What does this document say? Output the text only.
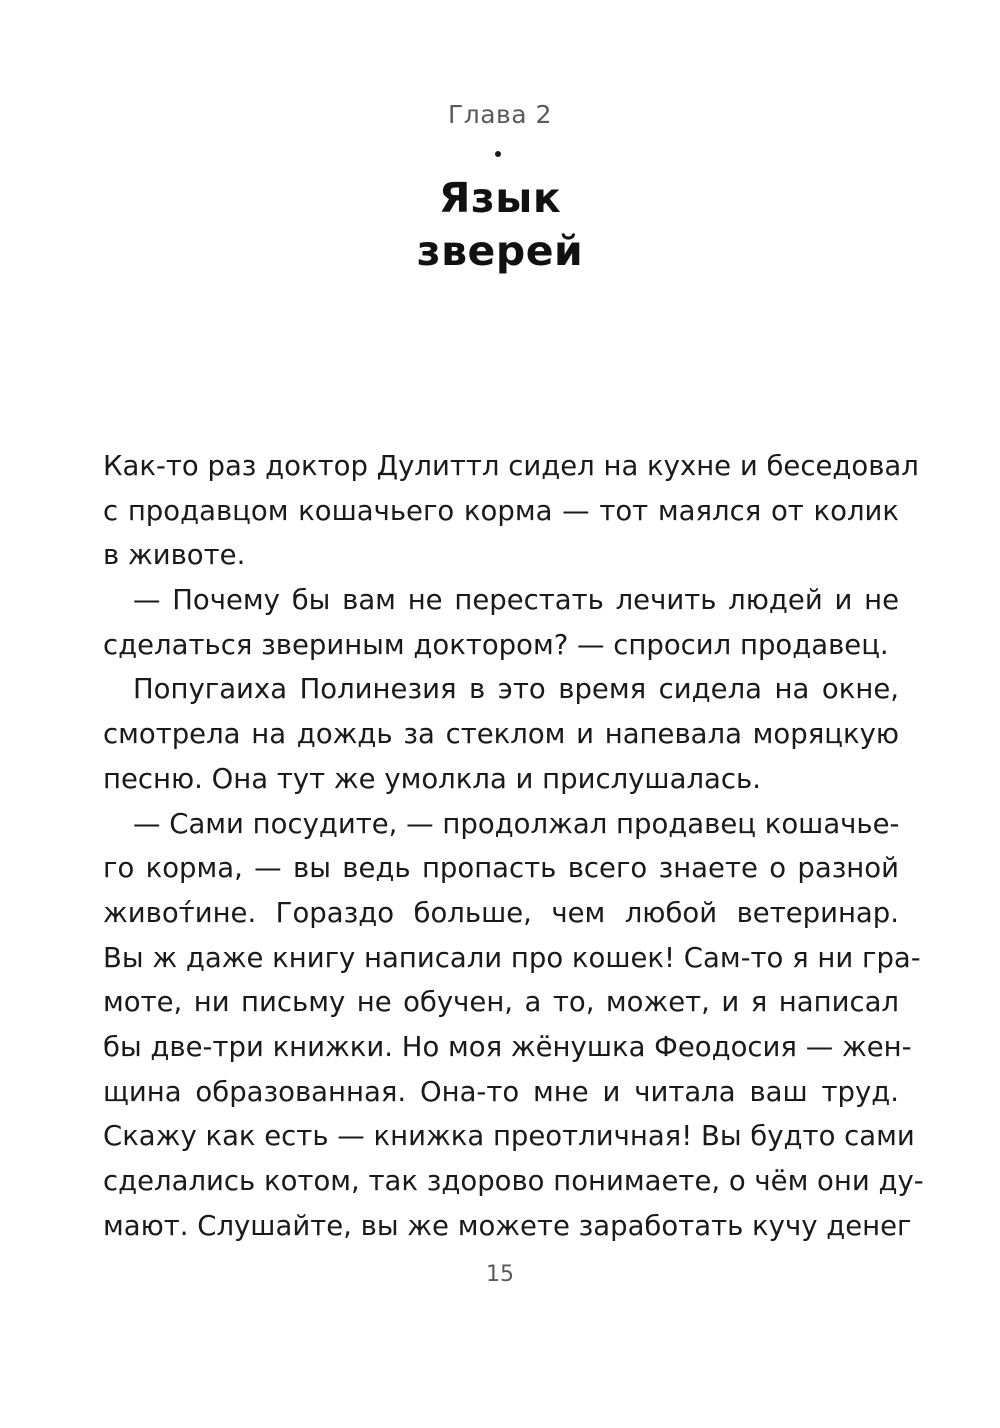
Глава 2
Язык
зверей
Как-то раз доктор Дулиттл сидел на кухне и беседовал
с продавцом кошачьего корма — тот маялся от колик
в животе.
— Почему бы вам не перестать лечить людей и не
сделаться звериным доктором? — спросил продавец.
Попугаиха Полинезия в это время сидела на окне,
смотрела на дождь за стеклом и напевала моряцкую
песню. Она тут же умолкла и прислушалась.
— Сами посудите, — продолжал продавец кошачье-
го корма, — вы ведь пропасть всего знаете о разной
живот́ине. Гораздо больше, чем любой ветеринар.
Вы ж даже книгу написали про кошек! Сам-то я ни гра-
моте, ни письму не обучен, а то, может, и я написал
бы две-три книжки. Но моя жёнушка Феодосия — жен-
щина образованная. Она-то мне и читала ваш труд.
Скажу как есть — книжка преотличная! Вы будто сами
сделались котом, так здорово понимаете, о чём они ду-
мают. Слушайте, вы же можете заработать кучу денег
15
